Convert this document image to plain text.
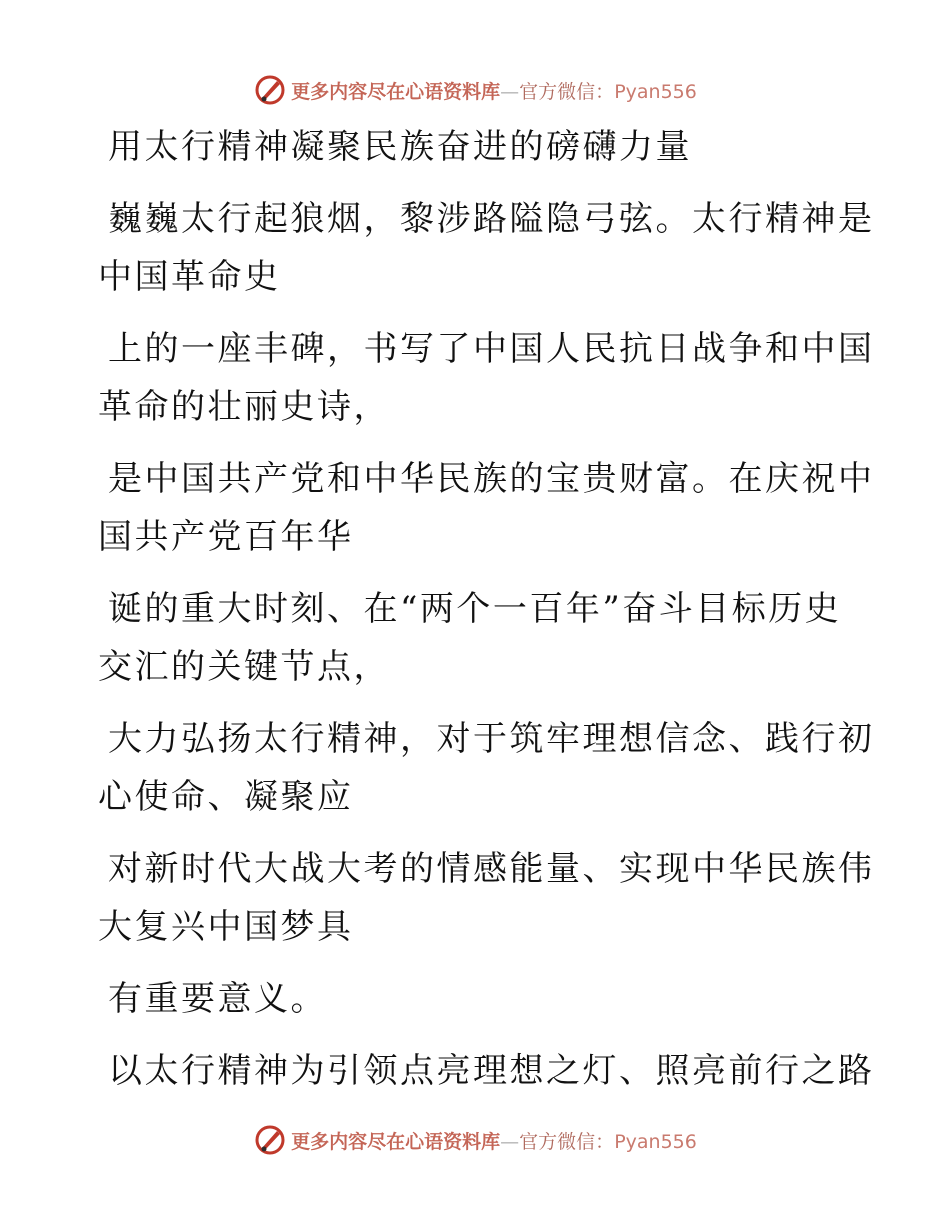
更多内容尽在心语资料库—官方微信：Pyan556

用太行精神凝聚民族奋进的磅礴力量

巍巍太行起狼烟，黎涉路隘隐弓弦。太行精神是

中国革命史

上的一座丰碑，书写了中国人民抗日战争和中国

革命的壮丽史诗，

是中国共产党和中华民族的宝贵财富。在庆祝中

国共产党百年华

诞的重大时刻、在“两个一百年”奋斗目标历史

交汇的关键节点，

大力弘扬太行精神，对于筑牢理想信念、践行初

心使命、凝聚应

对新时代大战大考的情感能量、实现中华民族伟

大复兴中国梦具

有重要意义。

以太行精神为引领点亮理想之灯、照亮前行之路

更多内容尽在心语资料库—官方微信：Pyan556
